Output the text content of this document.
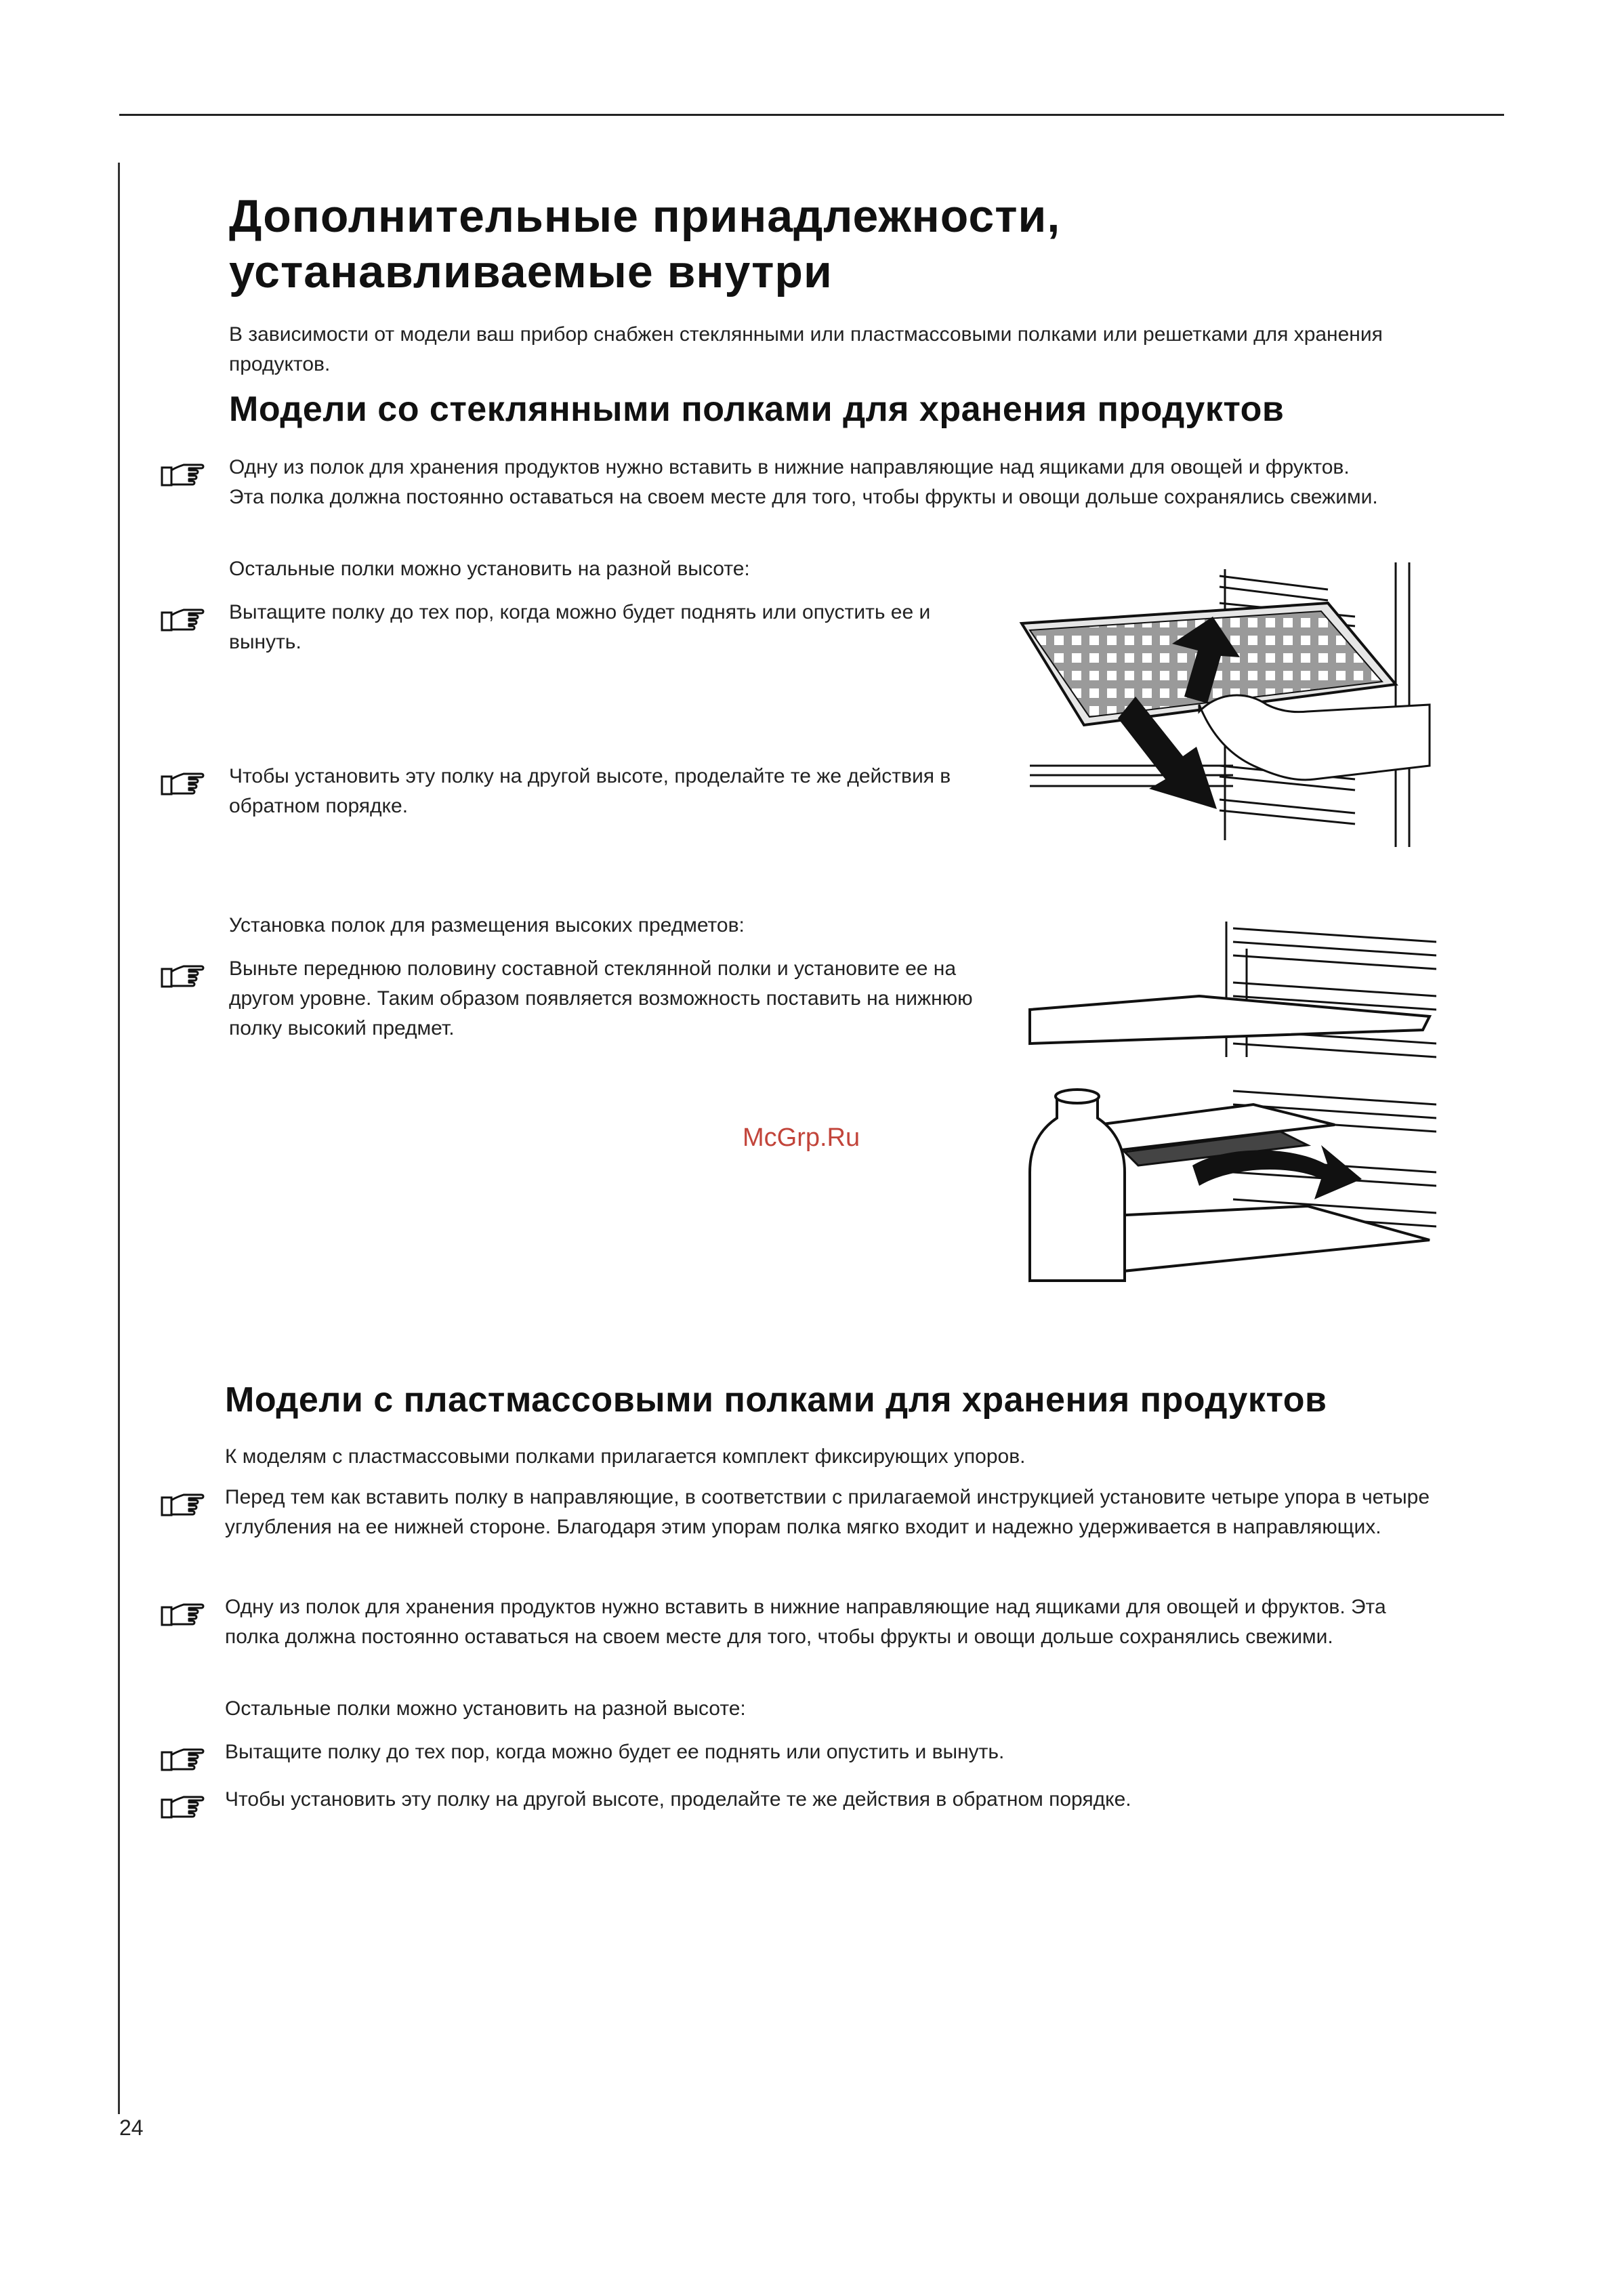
Дополнительные принадлежности,
устанавливаемые внутри
В зависимости от модели ваш прибор снабжен стеклянными или пластмассовыми полками или решетками для хранения продуктов.
Модели со стеклянными полками для хранения продуктов
Одну из полок для хранения продуктов нужно вставить в нижние направляющие над ящиками для овощей и фруктов. Эта полка должна постоянно оставаться на своем месте для того, чтобы фрукты и овощи дольше сохранялись свежими.
Остальные полки можно установить на разной высоте:
Вытащите полку до тех пор, когда можно будет поднять или опустить ее и вынуть.
Чтобы установить эту полку на другой высоте, проделайте те же действия в обратном порядке.
Установка полок для размещения высоких предметов:
Выньте переднюю половину составной стеклянной полки и установите ее на другом уровне. Таким образом появляется возможность поставить на нижнюю полку высокий предмет.
McGrp.Ru
Модели с пластмассовыми полками для хранения продуктов
К моделям с пластмассовыми полками прилагается комплект фиксирующих упоров.
Перед тем как вставить полку в направляющие, в соответствии с прилагаемой инструкцией установите четыре упора в четыре углубления на ее нижней стороне. Благодаря этим упорам полка мягко входит и надежно удерживается в направляющих.
Одну из полок для хранения продуктов нужно вставить в нижние направляющие над ящиками для овощей и фруктов. Эта полка должна постоянно оставаться на своем месте для того, чтобы фрукты и овощи дольше сохранялись свежими.
Остальные полки можно установить на разной высоте:
Вытащите полку до тех пор, когда можно будет ее поднять или опустить и вынуть.
Чтобы установить эту полку на другой высоте, проделайте те же действия в обратном порядке.
24
